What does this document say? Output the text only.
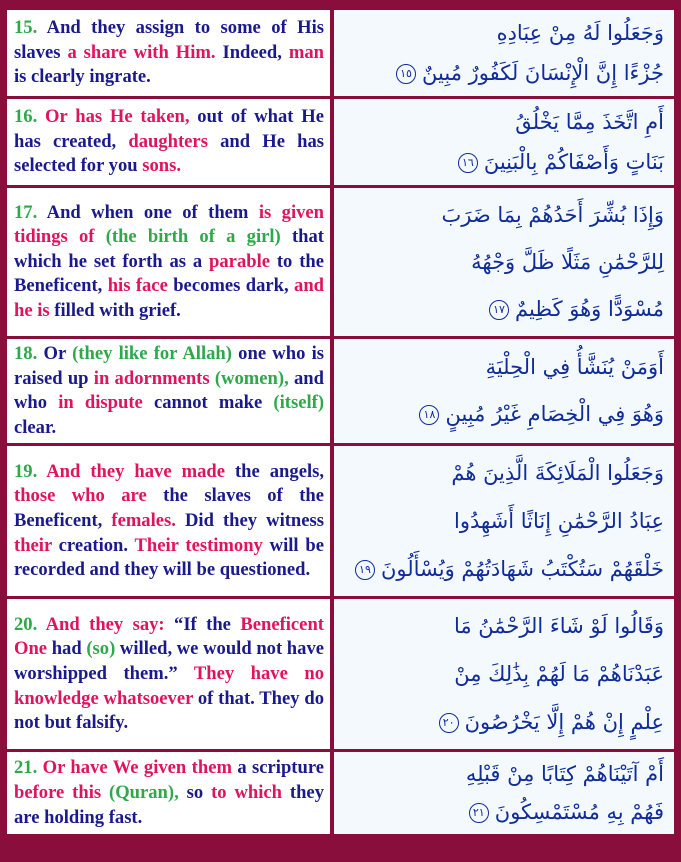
15. And they assign to some of His slaves a share with Him. Indeed, man is clearly ingrate.	وَجَعَلُوا لَهُ مِنْ عِبَادِهِ
جُزْءًا إِنَّ الْإِنْسَانَ لَكَفُورٌ مُبِينٌ١٥

16. Or has He taken, out of what He has created, daughters and He has selected for you sons.	أَمِ اتَّخَذَ مِمَّا يَخْلُقُ
بَنَاتٍ وَأَصْفَاكُمْ بِالْبَنِينَ١٦

17. And when one of them is given tidings of (the birth of a girl) that which he set forth as a parable to the Beneficent, his face becomes dark, and he is filled with grief.	وَإِذَا بُشِّرَ أَحَدُهُمْ بِمَا ضَرَبَ
لِلرَّحْمَٰنِ مَثَلًا ظَلَّ وَجْهُهُ
مُسْوَدًّا وَهُوَ كَظِيمٌ١٧

18. Or (they like for Allah) one who is raised up in adornments (women), and who in dispute cannot make (itself) clear.	أَوَمَنْ يُنَشَّأُ فِي الْحِلْيَةِ
وَهُوَ فِي الْخِصَامِ غَيْرُ مُبِينٍ١٨

19. And they have made the angels, those who are the slaves of the Beneficent, females. Did they witness their creation. Their testimony will be recorded and they will be questioned.	وَجَعَلُوا الْمَلَائِكَةَ الَّذِينَ هُمْ
عِبَادُ الرَّحْمَٰنِ إِنَاثًا أَشَهِدُوا
خَلْقَهُمْ سَتُكْتَبُ شَهَادَتُهُمْ وَيُسْأَلُونَ١٩

20. And they say: “If the Beneficent One had (so) willed, we would not have worshipped them.” They have no knowledge whatsoever of that. They do not but falsify.	وَقَالُوا لَوْ شَاءَ الرَّحْمَٰنُ مَا
عَبَدْنَاهُمْ مَا لَهُمْ بِذَٰلِكَ مِنْ
عِلْمٍ إِنْ هُمْ إِلَّا يَخْرُصُونَ٢٠

21. Or have We given them a scripture before this (Quran), so to which they are holding fast.	أَمْ آتَيْنَاهُمْ كِتَابًا مِنْ قَبْلِهِ
فَهُمْ بِهِ مُسْتَمْسِكُونَ٢١
